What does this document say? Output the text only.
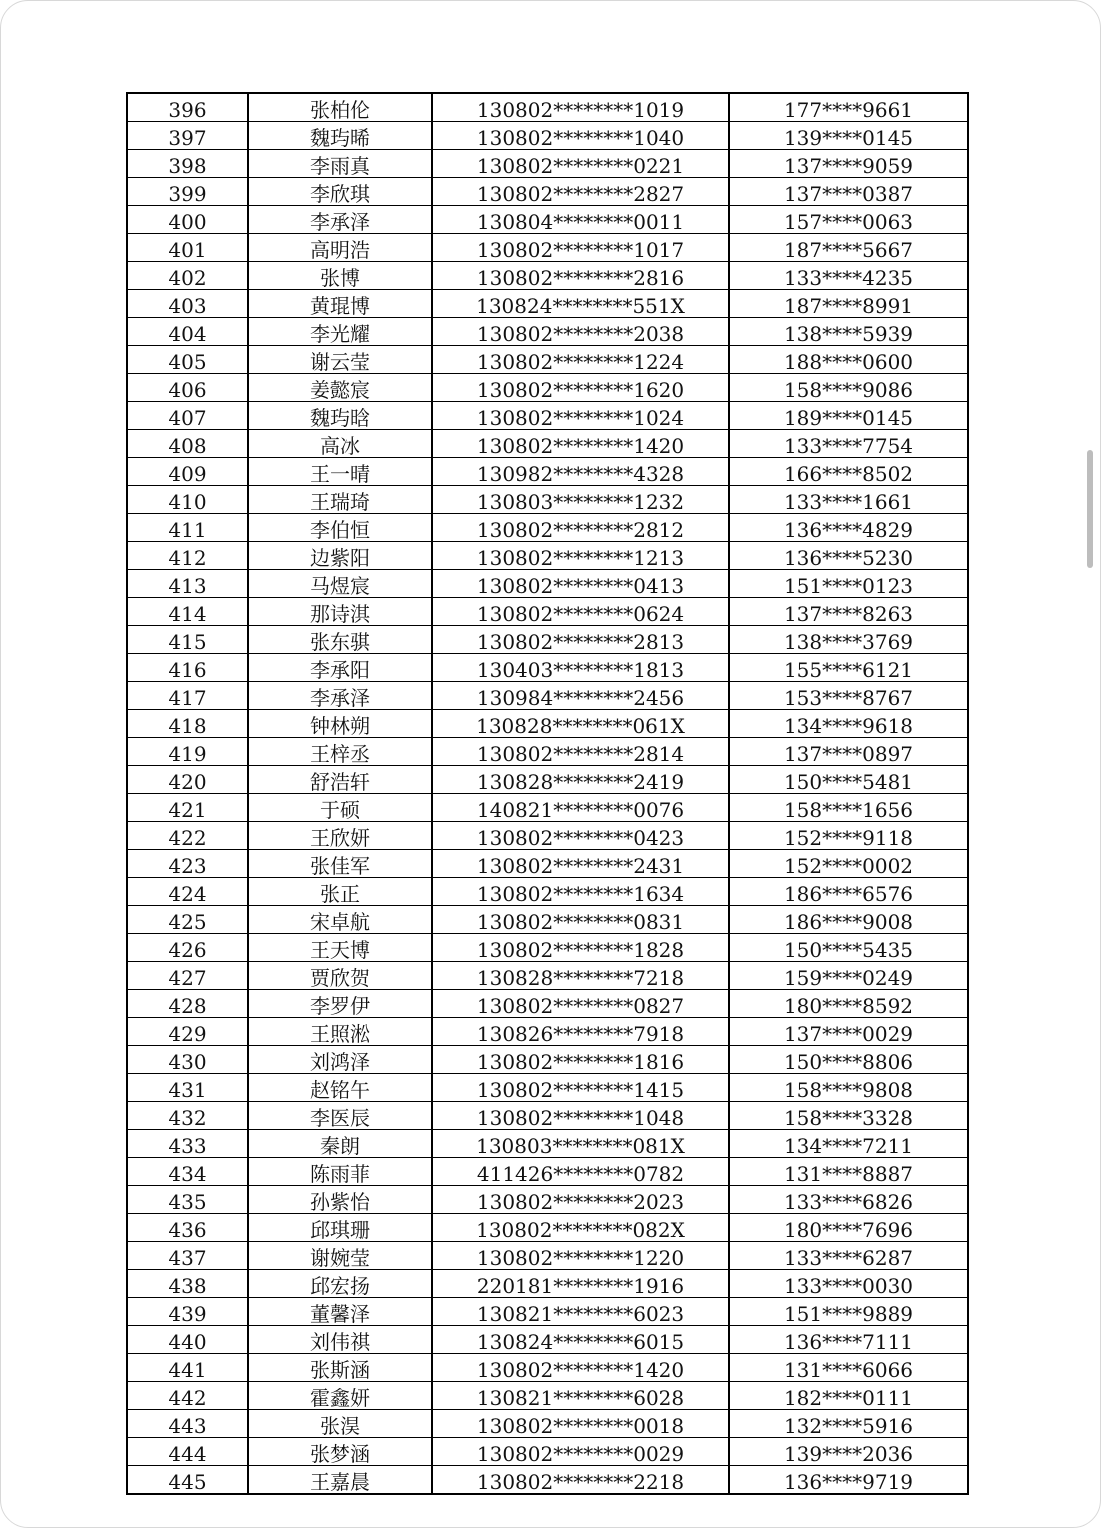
396	张柏伦	130802********1019	177****9661
397	魏玙晞	130802********1040	139****0145
398	李雨真	130802********0221	137****9059
399	李欣琪	130802********2827	137****0387
400	李承泽	130804********0011	157****0063
401	高明浩	130802********1017	187****5667
402	张博	130802********2816	133****4235
403	黄琨博	130824********551X	187****8991
404	李光耀	130802********2038	138****5939
405	谢云莹	130802********1224	188****0600
406	姜懿宸	130802********1620	158****9086
407	魏玙晗	130802********1024	189****0145
408	高冰	130802********1420	133****7754
409	王一晴	130982********4328	166****8502
410	王瑞琦	130803********1232	133****1661
411	李伯恒	130802********2812	136****4829
412	边紫阳	130802********1213	136****5230
413	马煜宸	130802********0413	151****0123
414	那诗淇	130802********0624	137****8263
415	张东骐	130802********2813	138****3769
416	李承阳	130403********1813	155****6121
417	李承泽	130984********2456	153****8767
418	钟林朔	130828********061X	134****9618
419	王梓丞	130802********2814	137****0897
420	舒浩轩	130828********2419	150****5481
421	于硕	140821********0076	158****1656
422	王欣妍	130802********0423	152****9118
423	张佳军	130802********2431	152****0002
424	张正	130802********1634	186****6576
425	宋卓航	130802********0831	186****9008
426	王天博	130802********1828	150****5435
427	贾欣贺	130828********7218	159****0249
428	李罗伊	130802********0827	180****8592
429	王照淞	130826********7918	137****0029
430	刘鸿泽	130802********1816	150****8806
431	赵铭午	130802********1415	158****9808
432	李医辰	130802********1048	158****3328
433	秦朗	130803********081X	134****7211
434	陈雨菲	411426********0782	131****8887
435	孙紫怡	130802********2023	133****6826
436	邱琪珊	130802********082X	180****7696
437	谢婉莹	130802********1220	133****6287
438	邱宏扬	220181********1916	133****0030
439	董馨泽	130821********6023	151****9889
440	刘伟祺	130824********6015	136****7111
441	张斯涵	130802********1420	131****6066
442	霍鑫妍	130821********6028	182****0111
443	张淏	130802********0018	132****5916
444	张梦涵	130802********0029	139****2036
445	王嘉晨	130802********2218	136****9719
